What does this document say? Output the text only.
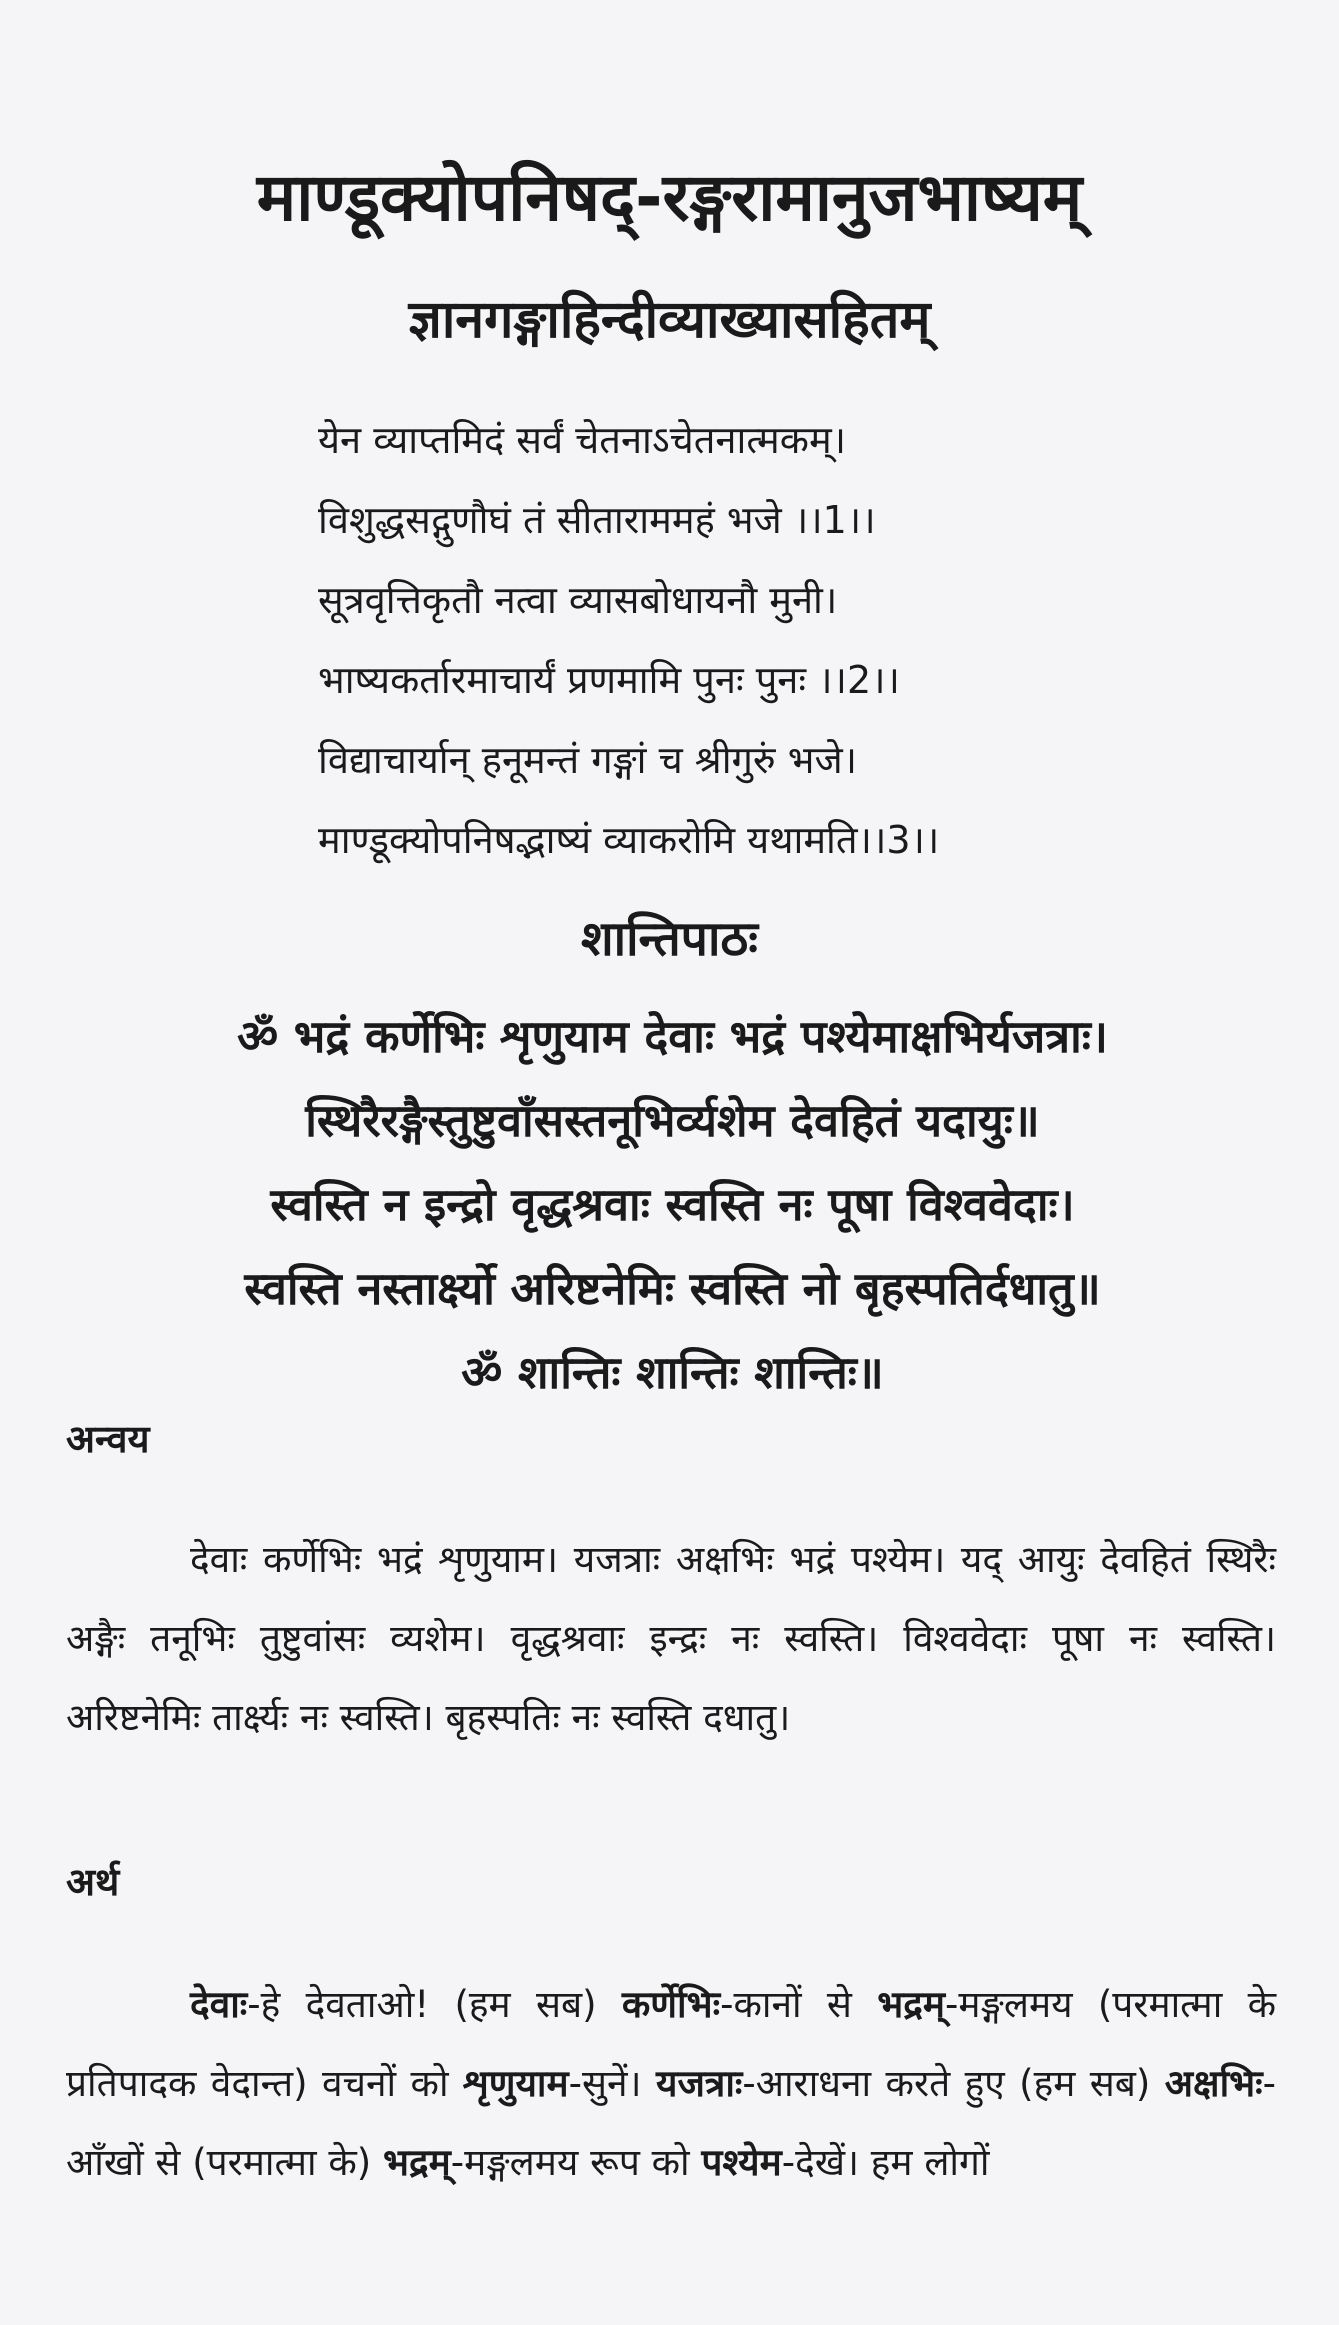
माण्डूक्योपनिषद्-रङ्गरामानुजभाष्यम्
ज्ञानगङ्गाहिन्दीव्याख्यासहितम्
येन व्याप्तमिदं सर्वं चेतनाऽचेतनात्मकम्।
विशुद्धसद्गुणौघं तं सीताराममहं भजे ।।1।।
सूत्रवृत्तिकृतौ नत्वा व्यासबोधायनौ मुनी।
भाष्यकर्तारमाचार्यं प्रणमामि पुनः पुनः ।।2।।
विद्याचार्यान् हनूमन्तं गङ्गां च श्रीगुरुं भजे।
माण्डूक्योपनिषद्भाष्यं व्याकरोमि यथामति।।3।।
शान्तिपाठः
ॐ भद्रं कर्णेभिः शृणुयाम देवाः भद्रं पश्येमाक्षभिर्यजत्राः।
स्थिरैरङ्गैस्तुष्टुवाँसस्तनूभिर्व्यशेम देवहितं यदायुः॥
स्वस्ति न इन्द्रो वृद्धश्रवाः स्वस्ति नः पूषा विश्ववेदाः।
स्वस्ति नस्तार्क्ष्यो अरिष्टनेमिः स्वस्ति नो बृहस्पतिर्दधातु॥
ॐ शान्तिः शान्तिः शान्तिः॥
अन्वय

देवाः कर्णेभिः भद्रं शृणुयाम। यजत्राः अक्षभिः भद्रं पश्येम। यद् आयुः देवहितं स्थिरैः अङ्गैः तनूभिः तुष्टुवांसः व्यशेम। वृद्धश्रवाः इन्द्रः नः स्वस्ति। विश्ववेदाः पूषा नः स्वस्ति। अरिष्टनेमिः तार्क्ष्यः नः स्वस्ति। बृहस्पतिः नः स्वस्ति दधातु।

अर्थ

देवाः-हे देवताओ! (हम सब) कर्णेभिः-कानों से भद्रम्-मङ्गलमय (परमात्मा के प्रतिपादक वेदान्त) वचनों को शृणुयाम-सुनें। यजत्राः-आराधना करते हुए (हम सब) अक्षभिः-आँखों से (परमात्मा के) भद्रम्-मङ्गलमय रूप को पश्येम-देखें। हम लोगों
